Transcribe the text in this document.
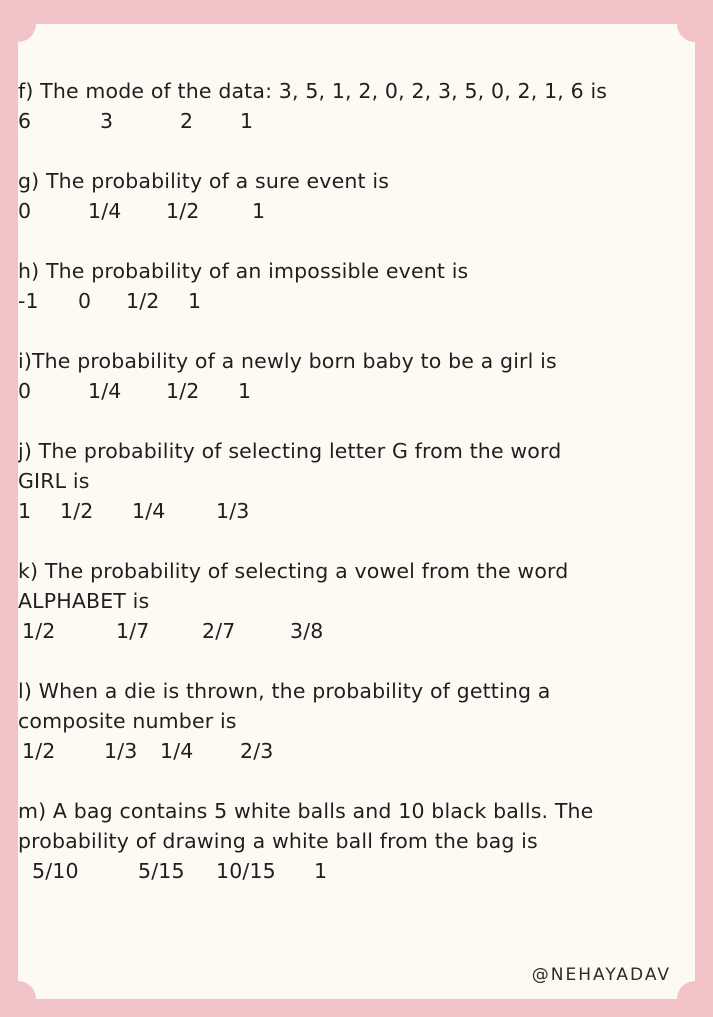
f) The mode of the data: 3, 5, 1, 2, 0, 2, 3, 5, 0, 2, 1, 6 is
6	3	2 1
g) The probability of a sure event is
0	1/4 1/2	1
h) The probability of an impossible event is
-1 0 1/2 1
i)The probability of a newly born baby to be a girl is
0	1/4 1/2 1
j) The probability of selecting letter G from the word
GIRL is
1 1/2 1/4 1/3
k) The probability of selecting a vowel from the word
ALPHABET is
1/2	1/7	2/7	3/8
l) When a die is thrown, the probability of getting a
composite number is
1/2 1/3 1/4 2/3
m) A bag contains 5 white balls and 10 black balls. The
probability of drawing a white ball from the bag is
5/10	5/15 10/15 1
@NEHAYADAV
